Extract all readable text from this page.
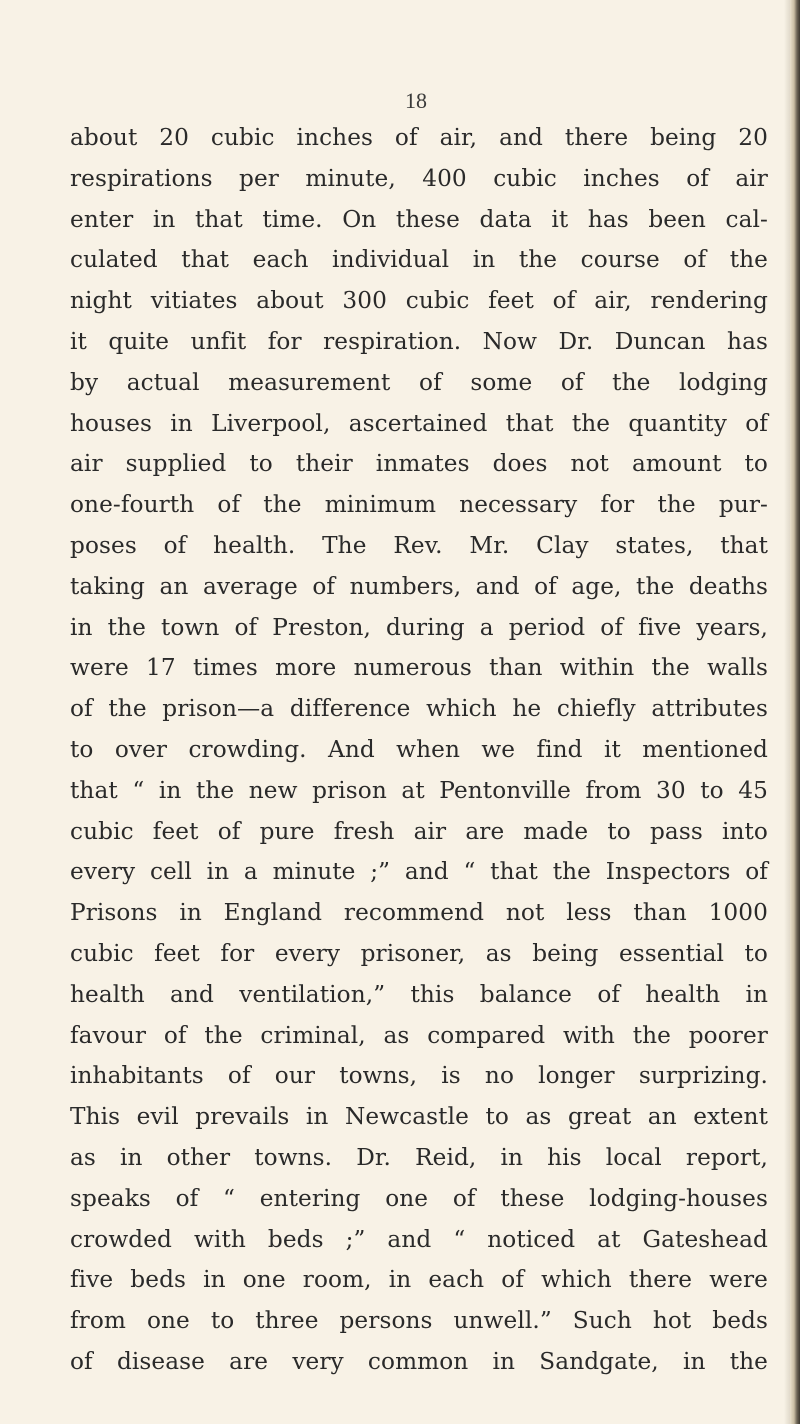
18
about 20 cubic inches of air, and there being 20
respirations per minute, 400 cubic inches of air
enter in that time. On these data it has been cal-
culated that each individual in the course of the
night vitiates about 300 cubic feet of air, rendering
it quite unfit for respiration. Now Dr. Duncan has
by actual measurement of some of the lodging
houses in Liverpool, ascertained that the quantity of
air supplied to their inmates does not amount to
one-fourth of the minimum necessary for the pur-
poses of health. The Rev. Mr. Clay states, that
taking an average of numbers, and of age, the deaths
in the town of Preston, during a period of five years,
were 17 times more numerous than within the walls
of the prison—a difference which he chiefly attributes
to over crowding. And when we find it mentioned
that “ in the new prison at Pentonville from 30 to 45
cubic feet of pure fresh air are made to pass into
every cell in a minute ;” and “ that the Inspectors of
Prisons in England recommend not less than 1000
cubic feet for every prisoner, as being essential to
health and ventilation,” this balance of health in
favour of the criminal, as compared with the poorer
inhabitants of our towns, is no longer surprizing.
This evil prevails in Newcastle to as great an extent
as in other towns. Dr. Reid, in his local report,
speaks of “ entering one of these lodging-houses
crowded with beds ;” and “ noticed at Gateshead
five beds in one room, in each of which there were
from one to three persons unwell.” Such hot beds
of disease are very common in Sandgate, in the
